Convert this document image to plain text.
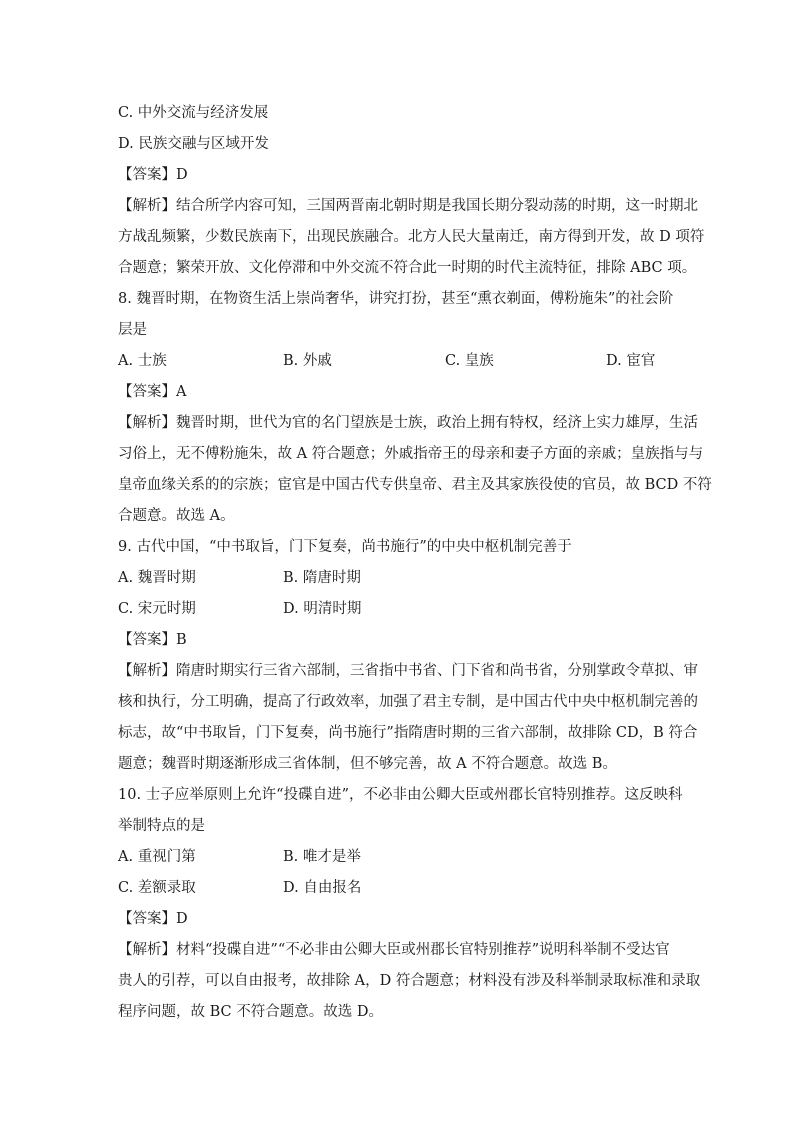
C. 中外交流与经济发展
D. 民族交融与区域开发
【答案】D
【解析】结合所学内容可知，三国两晋南北朝时期是我国长期分裂动荡的时期，这一时期北
方战乱频繁，少数民族南下，出现民族融合。北方人民大量南迁，南方得到开发，故 D 项符
合题意；繁荣开放、文化停滞和中外交流不符合此一时期的时代主流特征，排除 ABC 项。
8. 魏晋时期，在物资生活上崇尚奢华，讲究打扮，甚至“熏衣剃面，傅粉施朱”的社会阶
层是
A. 士族	B. 外戚	C. 皇族	D. 宦官
【答案】A
【解析】魏晋时期，世代为官的名门望族是士族，政治上拥有特权，经济上实力雄厚，生活
习俗上，无不傅粉施朱，故 A 符合题意；外戚指帝王的母亲和妻子方面的亲戚；皇族指与与
皇帝血缘关系的的宗族；宦官是中国古代专供皇帝、君主及其家族役使的官员，故 BCD 不符
合题意。故选 A。
9. 古代中国，“中书取旨，门下复奏，尚书施行”的中央中枢机制完善于
A. 魏晋时期	B. 隋唐时期
C. 宋元时期	D. 明清时期
【答案】B
【解析】隋唐时期实行三省六部制，三省指中书省、门下省和尚书省，分别掌政令草拟、审
核和执行，分工明确，提高了行政效率，加强了君主专制，是中国古代中央中枢机制完善的
标志，故“中书取旨，门下复奏，尚书施行”指隋唐时期的三省六部制，故排除 CD，B 符合
题意；魏晋时期逐渐形成三省体制，但不够完善，故 A 不符合题意。故选 B。
10. 士子应举原则上允许“投碟自进”，不必非由公卿大臣或州郡长官特别推荐。这反映科
举制特点的是
A. 重视门第	B. 唯才是举
C. 差额录取	D. 自由报名
【答案】D
【解析】材料“投碟自进”“不必非由公卿大臣或州郡长官特别推荐”说明科举制不受达官
贵人的引荐，可以自由报考，故排除 A，D 符合题意；材料没有涉及科举制录取标准和录取
程序问题，故 BC 不符合题意。故选 D。
